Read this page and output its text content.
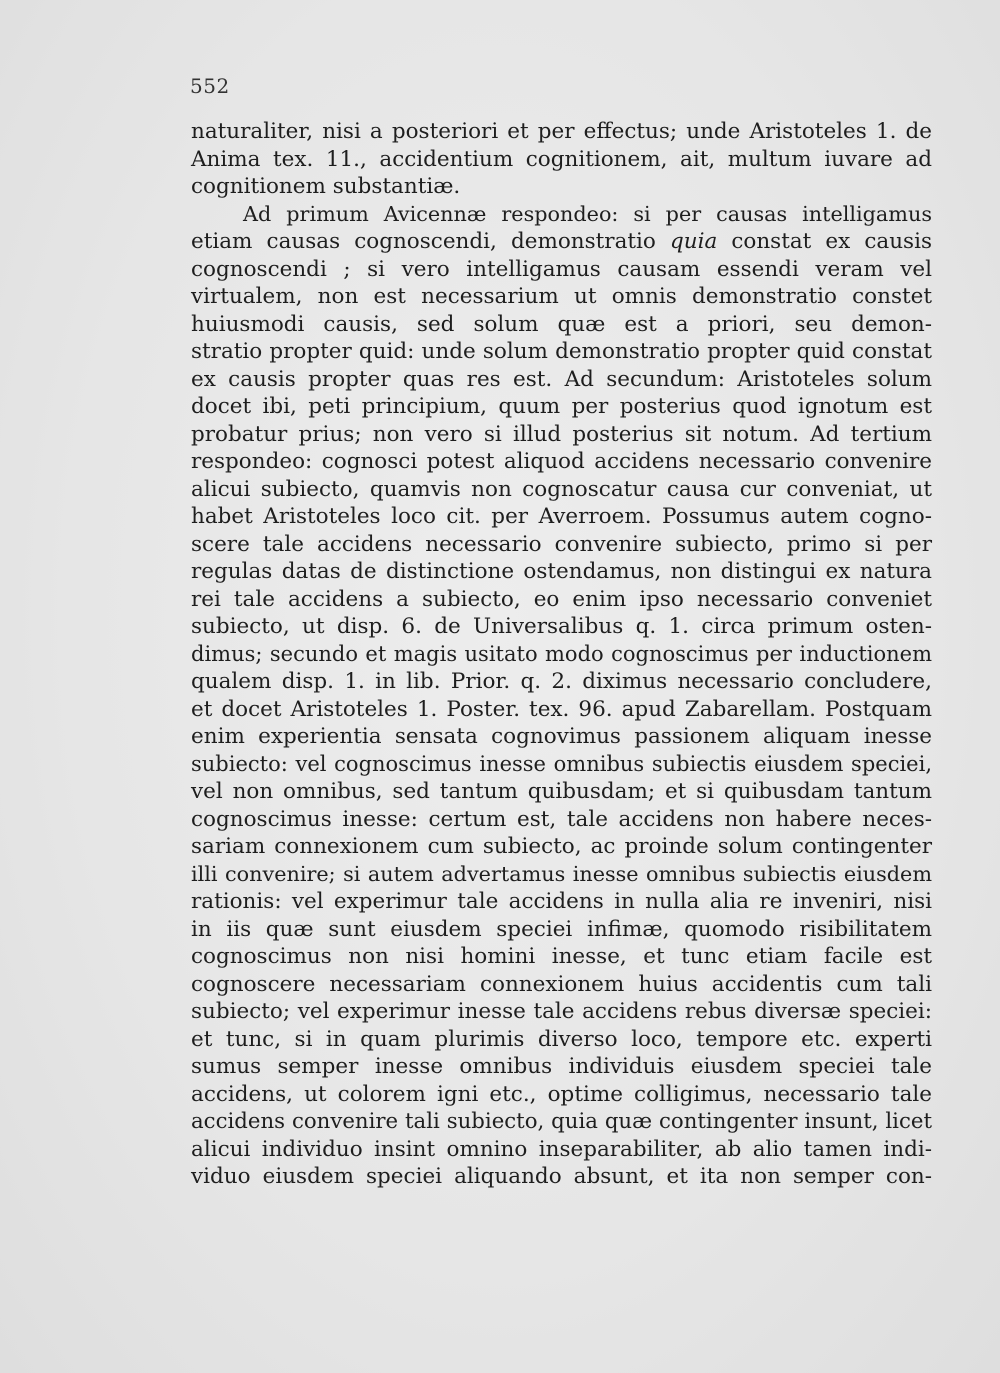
552
naturaliter, nisi a posteriori et per effectus; unde Aristoteles 1. de
Anima tex. 11., accidentium cognitionem, ait, multum iuvare ad
cognitionem substantiæ.
Ad primum Avicennæ respondeo: si per causas intelligamus
etiam causas cognoscendi, demonstratio quia constat ex causis
cognoscendi ; si vero intelligamus causam essendi veram vel
virtualem, non est necessarium ut omnis demonstratio constet
huiusmodi causis, sed solum quæ est a priori, seu demon-
stratio propter quid: unde solum demonstratio propter quid constat
ex causis propter quas res est. Ad secundum: Aristoteles solum
docet ibi, peti principium, quum per posterius quod ignotum est
probatur prius; non vero si illud posterius sit notum. Ad tertium
respondeo: cognosci potest aliquod accidens necessario convenire
alicui subiecto, quamvis non cognoscatur causa cur conveniat, ut
habet Aristoteles loco cit. per Averroem. Possumus autem cogno-
scere tale accidens necessario convenire subiecto, primo si per
regulas datas de distinctione ostendamus, non distingui ex natura
rei tale accidens a subiecto, eo enim ipso necessario conveniet
subiecto, ut disp. 6. de Universalibus q. 1. circa primum osten-
dimus; secundo et magis usitato modo cognoscimus per inductionem
qualem disp. 1. in lib. Prior. q. 2. diximus necessario concludere,
et docet Aristoteles 1. Poster. tex. 96. apud Zabarellam. Postquam
enim experientia sensata cognovimus passionem aliquam inesse
subiecto: vel cognoscimus inesse omnibus subiectis eiusdem speciei,
vel non omnibus, sed tantum quibusdam; et si quibusdam tantum
cognoscimus inesse: certum est, tale accidens non habere neces-
sariam connexionem cum subiecto, ac proinde solum contingenter
illi convenire; si autem advertamus inesse omnibus subiectis eiusdem
rationis: vel experimur tale accidens in nulla alia re inveniri, nisi
in iis quæ sunt eiusdem speciei infimæ, quomodo risibilitatem
cognoscimus non nisi homini inesse, et tunc etiam facile est
cognoscere necessariam connexionem huius accidentis cum tali
subiecto; vel experimur inesse tale accidens rebus diversæ speciei:
et tunc, si in quam plurimis diverso loco, tempore etc. experti
sumus semper inesse omnibus individuis eiusdem speciei tale
accidens, ut colorem igni etc., optime colligimus, necessario tale
accidens convenire tali subiecto, quia quæ contingenter insunt, licet
alicui individuo insint omnino inseparabiliter, ab alio tamen indi-
viduo eiusdem speciei aliquando absunt, et ita non semper con-
